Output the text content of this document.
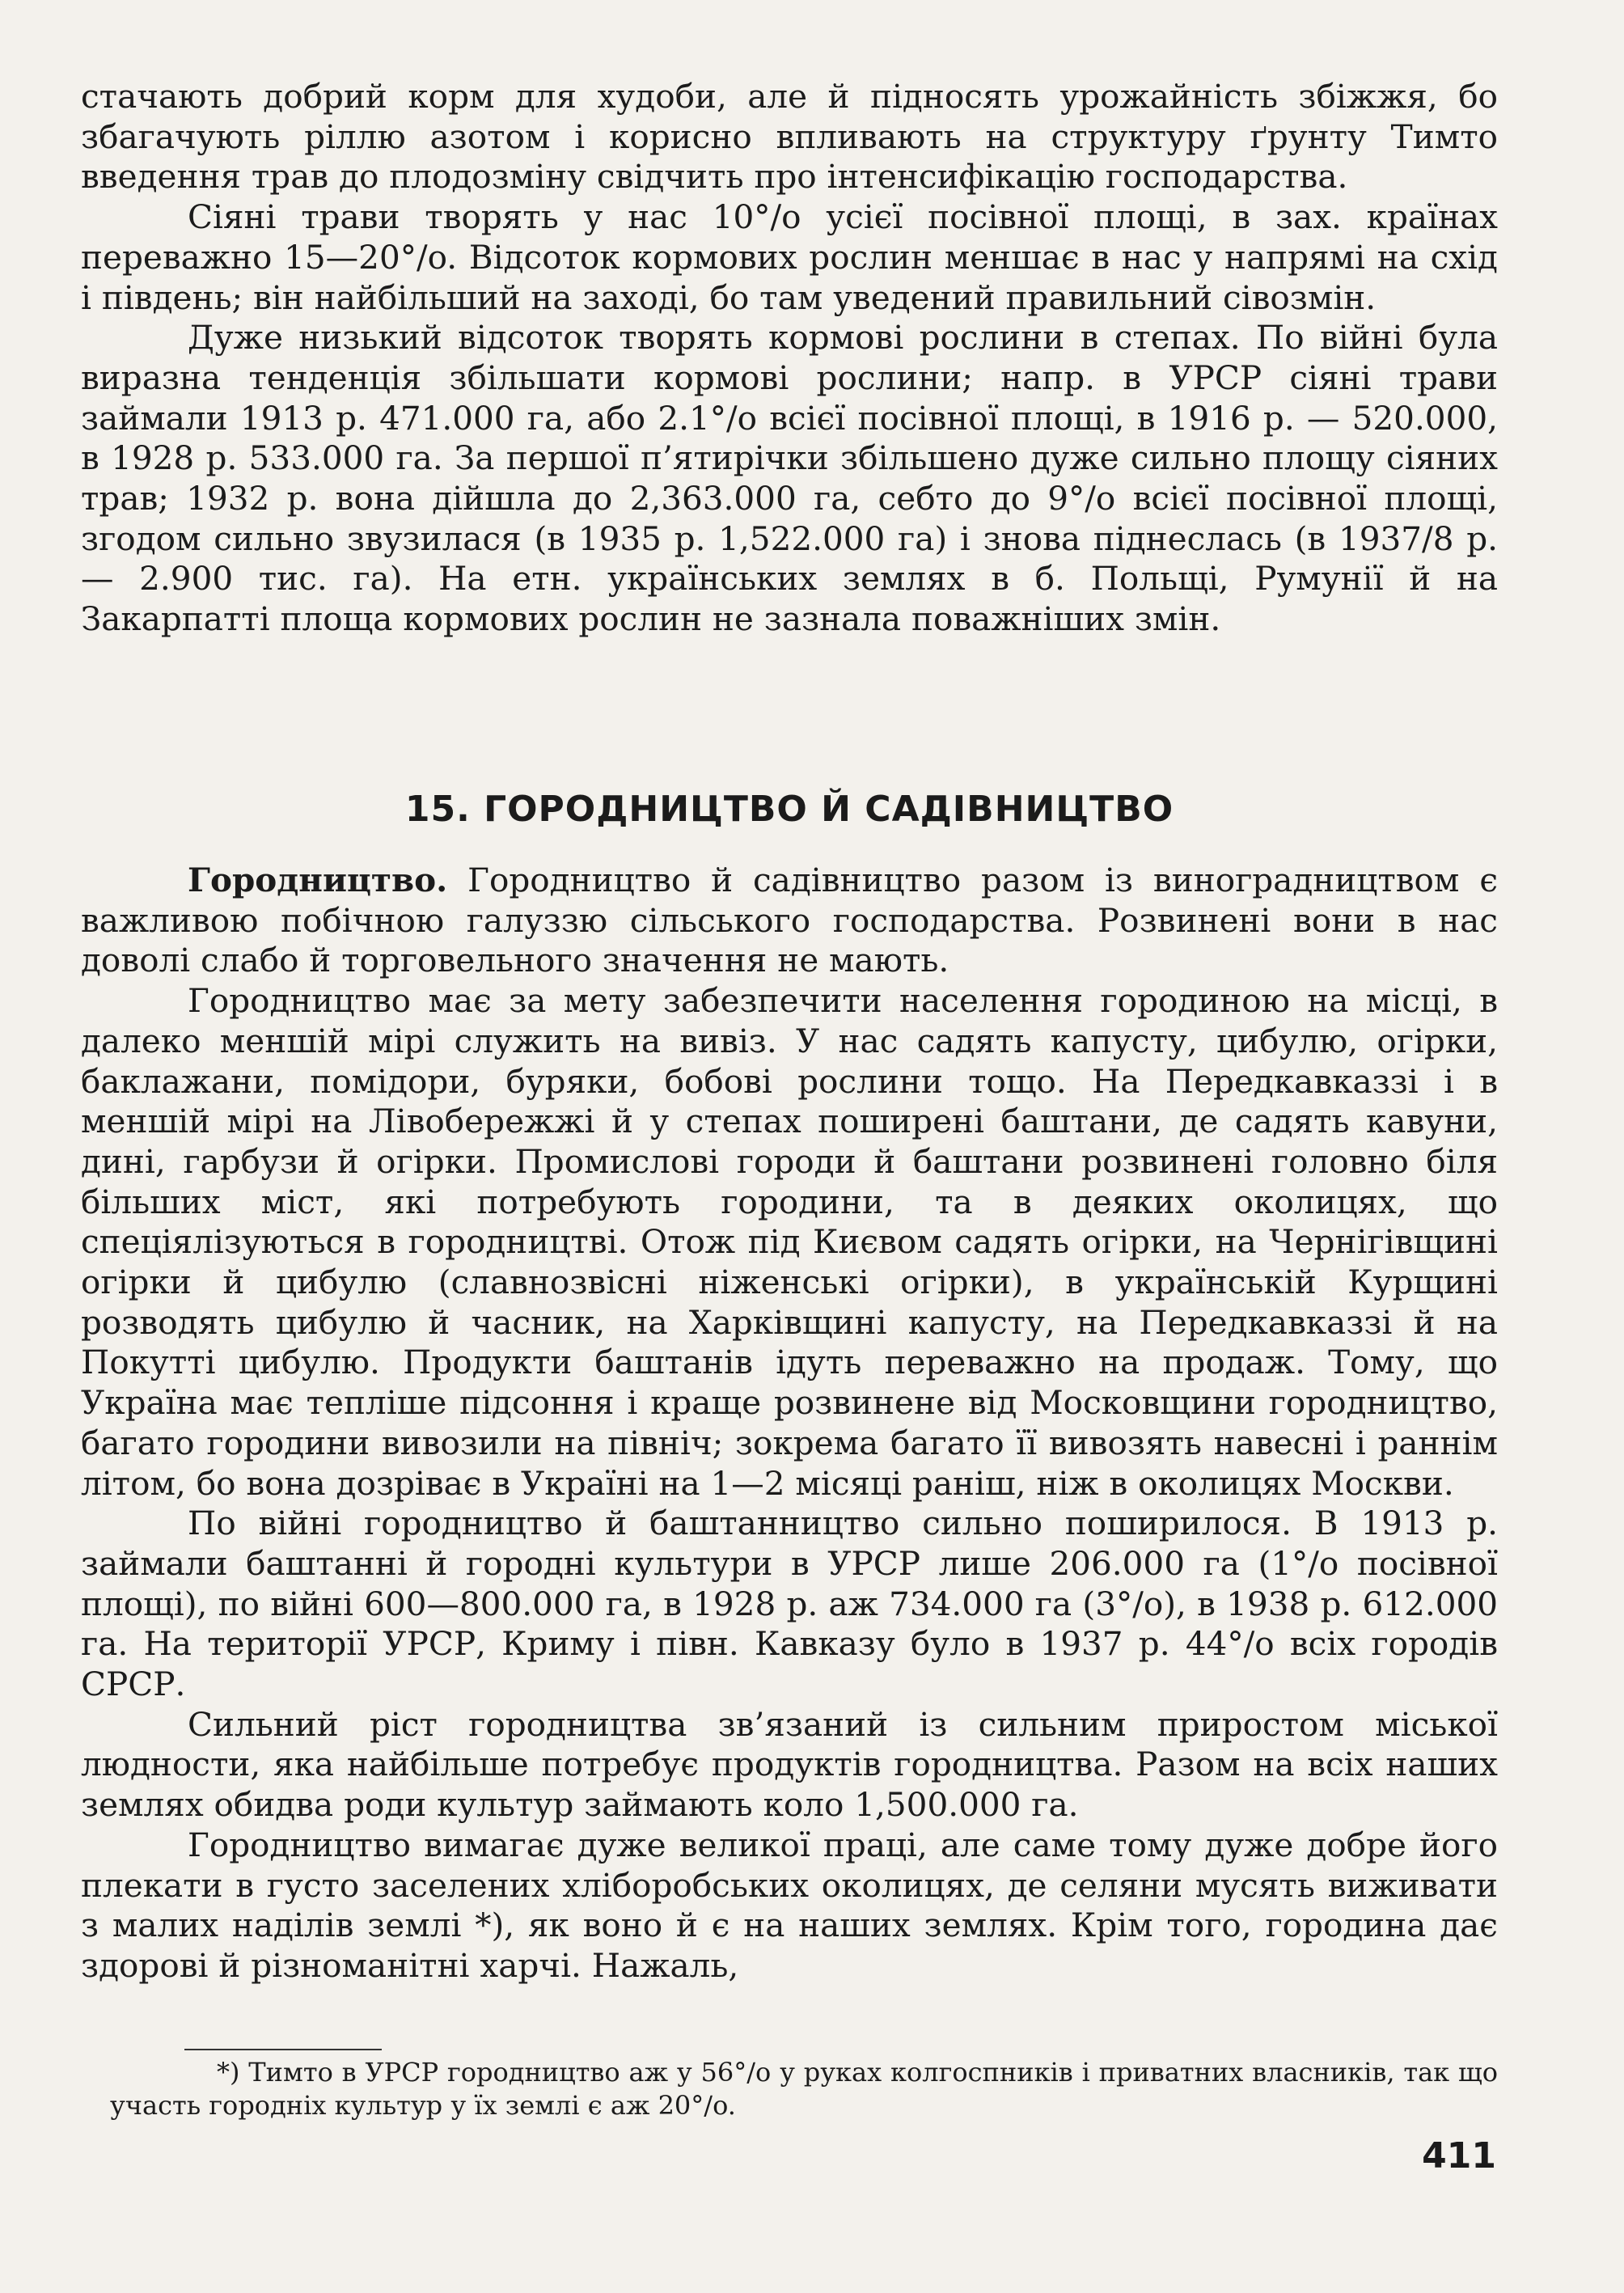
стачають добрий корм для худоби, але й підносять урожайність збіжжя, бо збагачують ріллю азотом і корисно впливають на структуру ґрунту Тимто введення трав до плодозміну свідчить про інтенсифікацію господарства.

Сіяні трави творять у нас 10°/o усієї посівної площі, в зах. країнах переважно 15—20°/o. Відсоток кормових рослин меншає в нас у напрямі на схід і південь; він найбільший на заході, бо там уведений правильний сівозмін.

Дуже низький відсоток творять кормові рослини в степах. По війні була виразна тенденція збільшати кормові рослини; напр. в УРСР сіяні трави займали 1913 р. 471.000 га, або 2.1°/o всієї посівної площі, в 1916 р. — 520.000, в 1928 р. 533.000 га. За першої п’ятирічки збільшено дуже сильно площу сіяних трав; 1932 р. вона дійшла до 2,363.000 га, себто до 9°/o всієї посівної площі, згодом сильно звузилася (в 1935 р. 1,522.000 га) і знова піднеслась (в 1937/8 р. — 2.900 тис. га). На етн. українських землях в б. Польщі, Румунії й на Закарпатті площа кормових рослин не зазнала поважніших змін.

15. ГОРОДНИЦТВО Й САДІВНИЦТВО

Городництво. Городництво й садівництво разом із виноградництвом є важливою побічною галуззю сільського господарства. Розвинені вони в нас доволі слабо й торговельного значення не мають.

Городництво має за мету забезпечити населення городиною на місці, в далеко меншій мірі служить на вивіз. У нас садять капусту, цибулю, огірки, баклажани, помідори, буряки, бобові рослини тощо. На Передкавказзі і в меншій мірі на Лівобережжі й у степах поширені баштани, де садять кавуни, дині, гарбузи й огірки. Промислові городи й баштани розвинені головно біля більших міст, які потребують городини, та в деяких околицях, що спеціялізуються в городництві. Отож під Києвом садять огірки, на Чернігівщині огірки й цибулю (славнозвісні ніженські огірки), в українській Курщині розводять цибулю й часник, на Харківщині капусту, на Передкавказзі й на Покутті цибулю. Продукти баштанів ідуть переважно на продаж. Тому, що Україна має тепліше підсоння і краще розвинене від Московщини городництво, багато городини вивозили на північ; зокрема багато її вивозять навесні і раннім літом, бо вона дозріває в Україні на 1—2 місяці раніш, ніж в околицях Москви.

По війні городництво й баштанництво сильно поширилося. В 1913 р. займали баштанні й городні культури в УРСР лише 206.000 га (1°/o посівної площі), по війні 600—800.000 га, в 1928 р. аж 734.000 га (3°/o), в 1938 р. 612.000 га. На території УРСР, Криму і півн. Кавказу було в 1937 р. 44°/o всіх городів СРСР.

Сильний ріст городництва зв’язаний із сильним приростом міської людности, яка найбільше потребує продуктів городництва. Разом на всіх наших землях обидва роди культур займають коло 1,500.000 га.

Городництво вимагає дуже великої праці, але саме тому дуже добре його плекати в густо заселених хліборобських околицях, де селяни мусять виживати з малих наділів землі *), як воно й є на наших землях. Крім того, городина дає здорові й різноманітні харчі. Нажаль,

*) Тимто в УРСР городництво аж у 56°/o у руках колгоспників і приватних власників, так що участь городніх культур у їх землі є аж 20°/o.

411
